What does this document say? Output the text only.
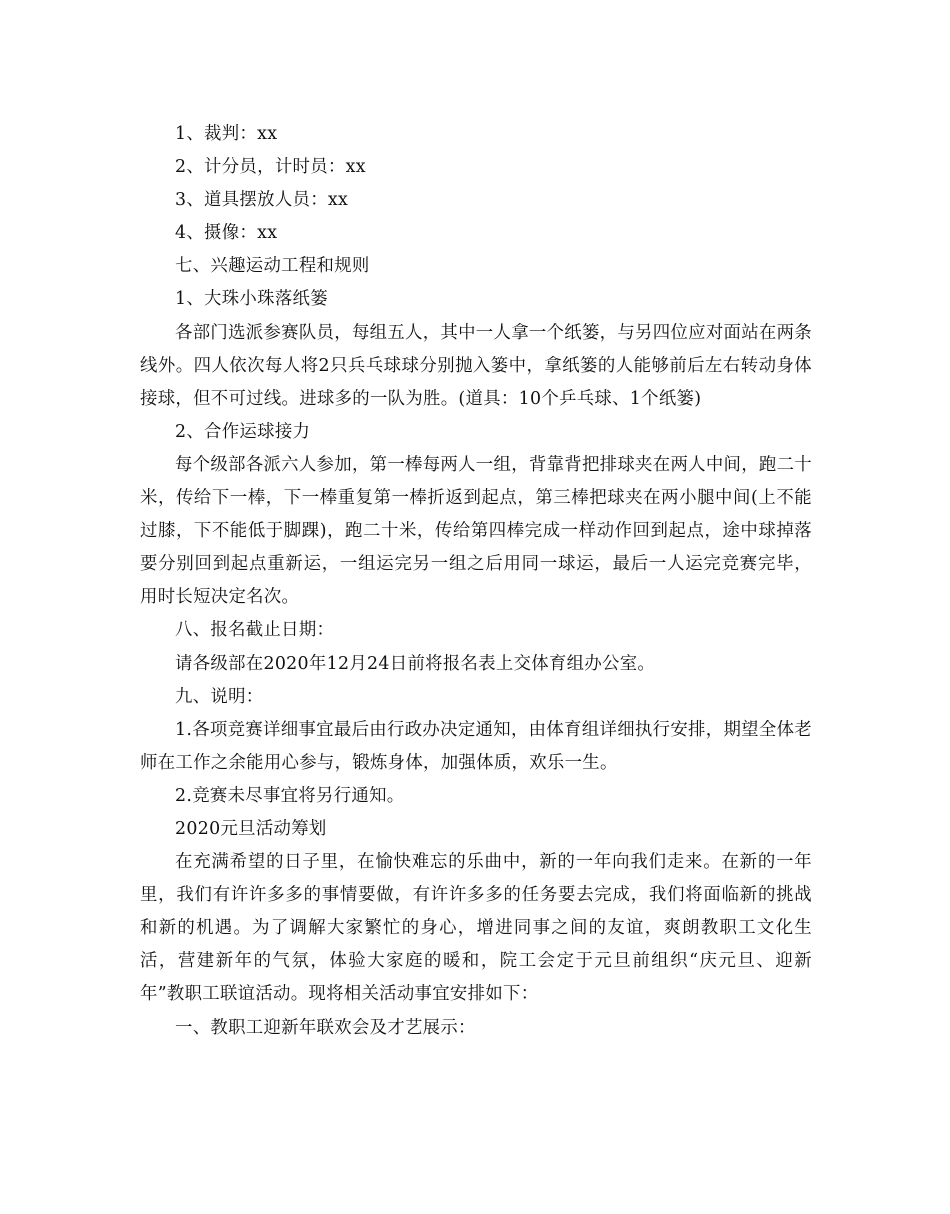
1、裁判：xx

2、计分员，计时员：xx

3、道具摆放人员：xx

4、摄像：xx

七、兴趣运动工程和规则

1、大珠小珠落纸篓

各部门选派参赛队员，每组五人，其中一人拿一个纸篓，与另四位应对面站在两条线外。四人依次每人将2只兵乓球球分别抛入篓中，拿纸篓的人能够前后左右转动身体接球，但不可过线。进球多的一队为胜。(道具：10个乒乓球、1个纸篓)

2、合作运球接力

每个级部各派六人参加，第一棒每两人一组，背靠背把排球夹在两人中间，跑二十米，传给下一棒，下一棒重复第一棒折返到起点，第三棒把球夹在两小腿中间(上不能过膝，下不能低于脚踝)，跑二十米，传给第四棒完成一样动作回到起点，途中球掉落要分别回到起点重新运，一组运完另一组之后用同一球运，最后一人运完竞赛完毕，用时长短决定名次。

八、报名截止日期：

请各级部在2020年12月24日前将报名表上交体育组办公室。

九、说明：

1.各项竞赛详细事宜最后由行政办决定通知，由体育组详细执行安排，期望全体老师在工作之余能用心参与，锻炼身体，加强体质，欢乐一生。

2.竞赛未尽事宜将另行通知。

2020元旦活动筹划

在充满希望的日子里，在愉快难忘的乐曲中，新的一年向我们走来。在新的一年里，我们有许许多多的事情要做，有许许多多的任务要去完成，我们将面临新的挑战和新的机遇。为了调解大家繁忙的身心，增进同事之间的友谊，爽朗教职工文化生活，营建新年的气氛，体验大家庭的暖和，院工会定于元旦前组织“庆元旦、迎新年”教职工联谊活动。现将相关活动事宜安排如下：

一、教职工迎新年联欢会及才艺展示：
